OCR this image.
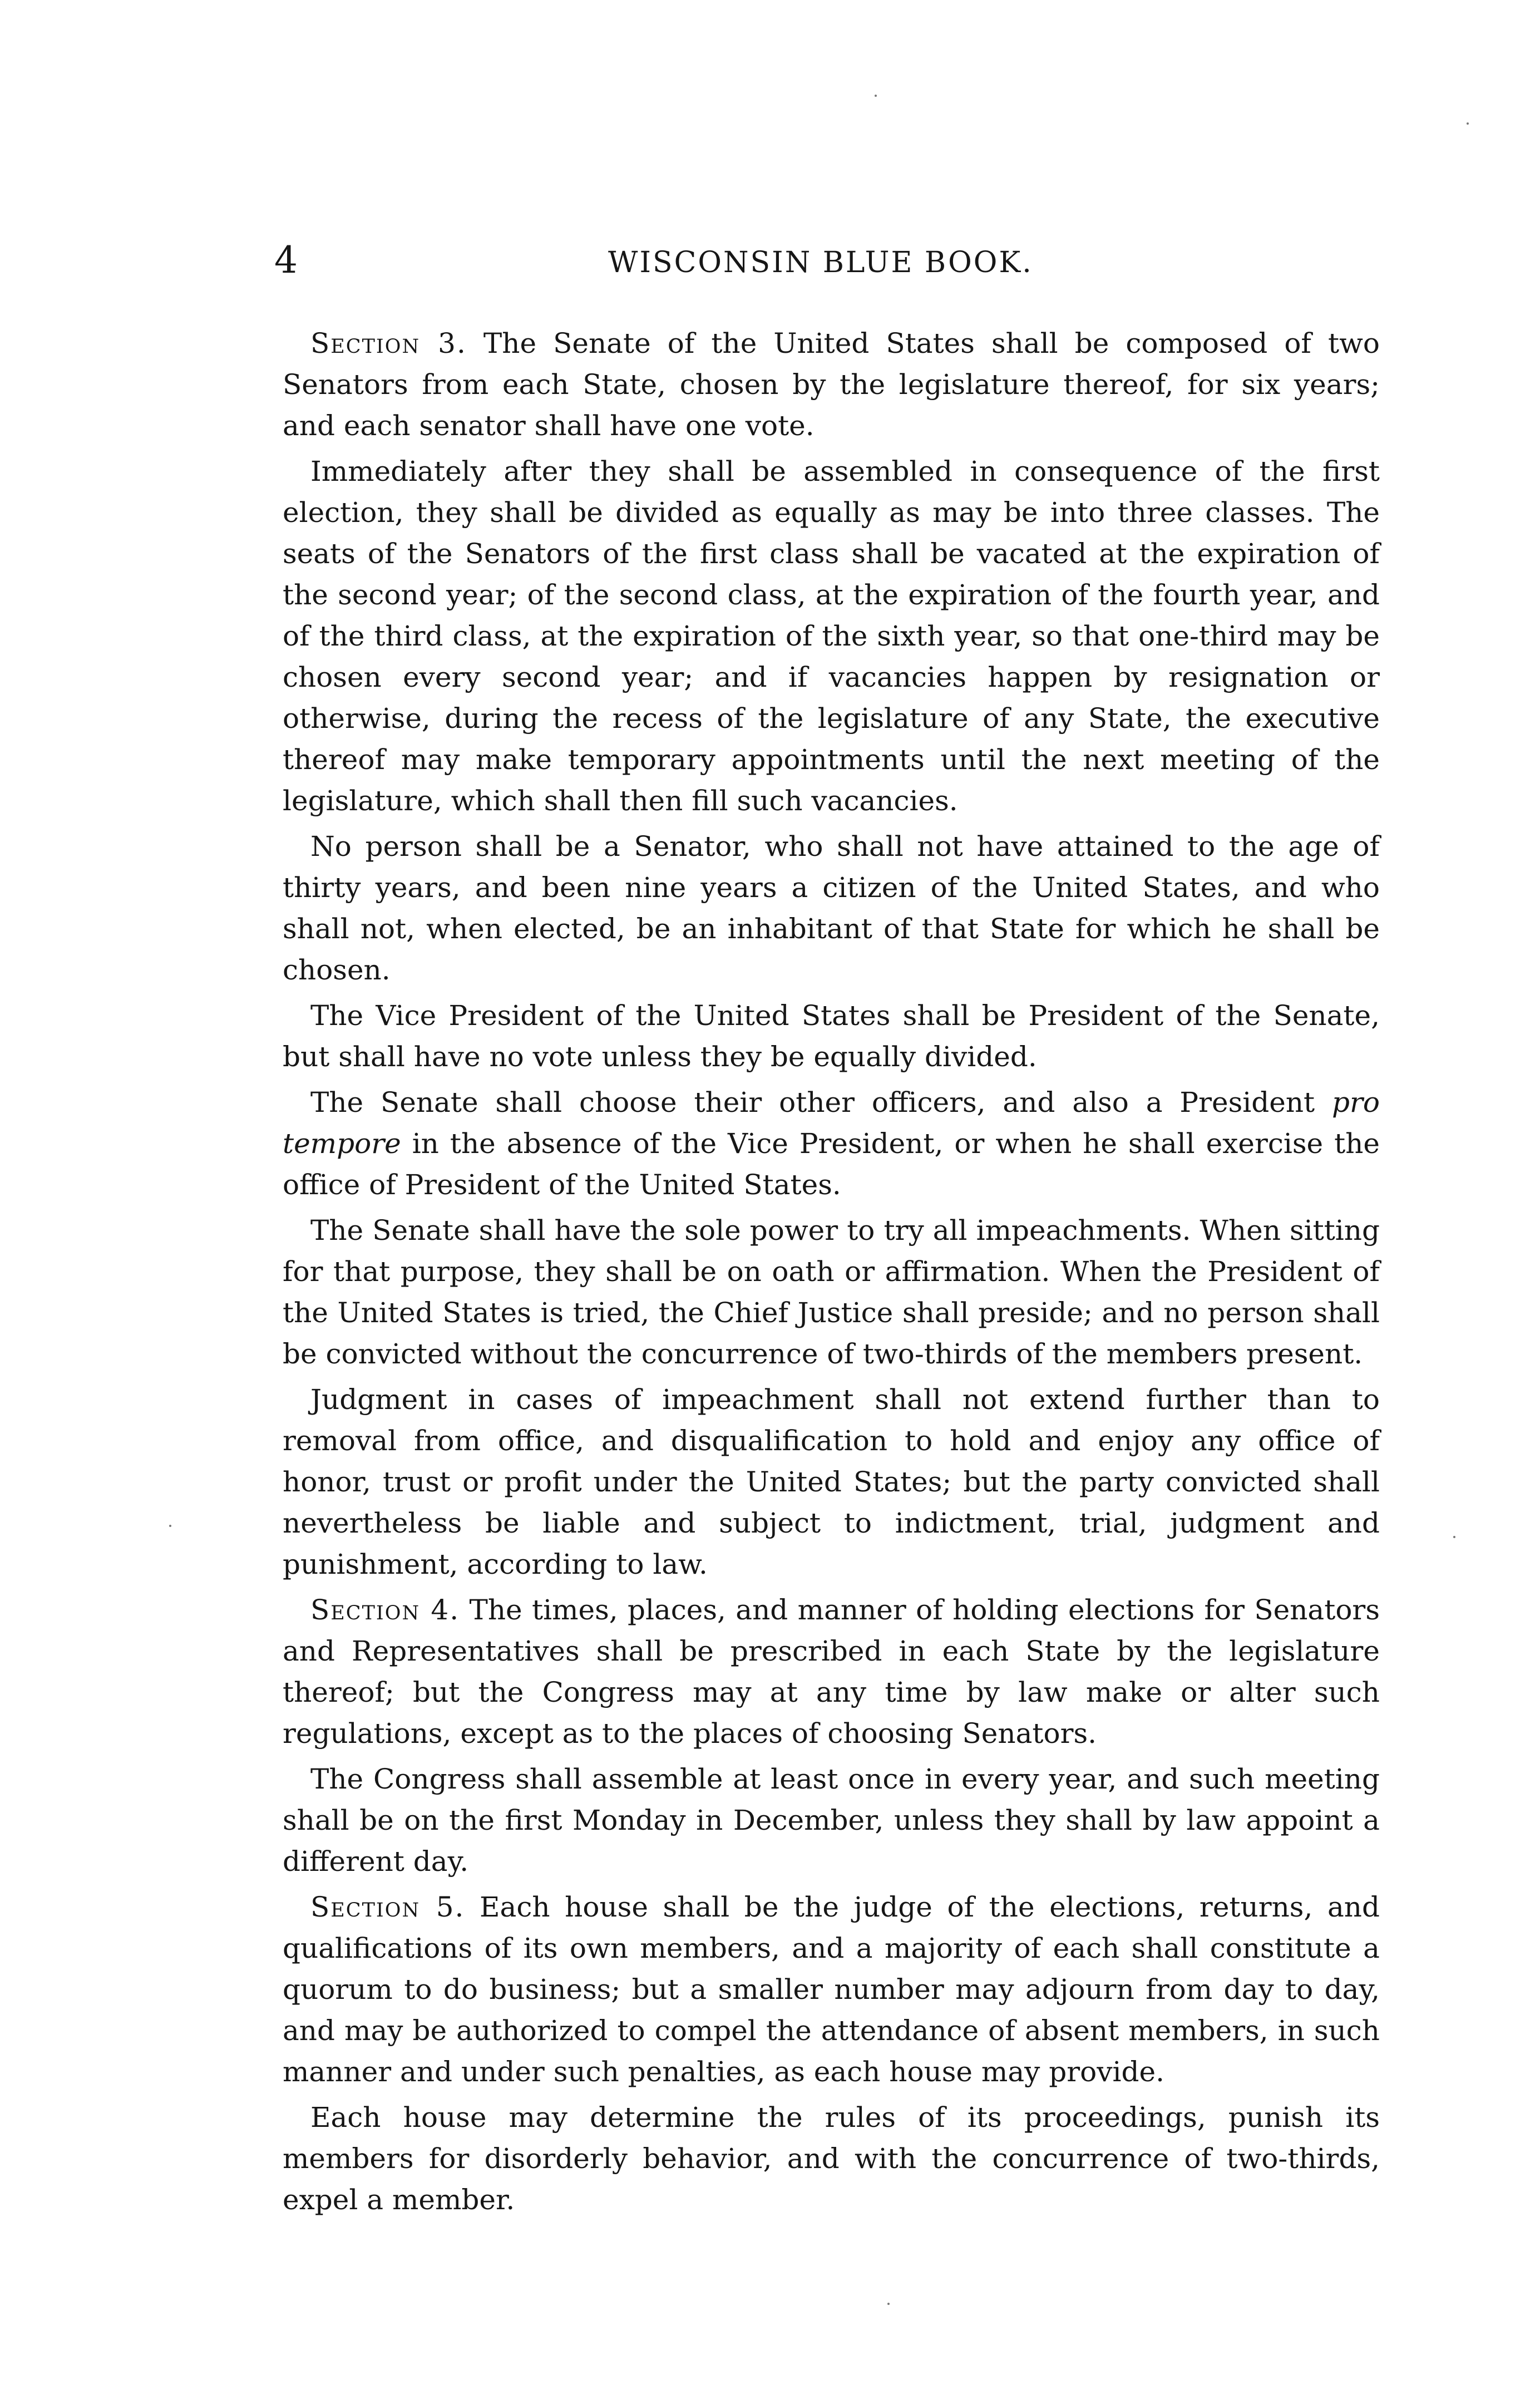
4	WISCONSIN BLUE BOOK.

Section 3. The Senate of the United States shall be composed of two Senators from each State, chosen by the legislature thereof, for six years; and each senator shall have one vote.

Immediately after they shall be assembled in consequence of the first election, they shall be divided as equally as may be into three classes. The seats of the Senators of the first class shall be vacated at the expiration of the second year; of the second class, at the expiration of the fourth year, and of the third class, at the expiration of the sixth year, so that one-third may be chosen every second year; and if vacancies happen by resignation or otherwise, during the recess of the legislature of any State, the executive thereof may make temporary appointments until the next meeting of the legislature, which shall then fill such vacancies.

No person shall be a Senator, who shall not have attained to the age of thirty years, and been nine years a citizen of the United States, and who shall not, when elected, be an inhabitant of that State for which he shall be chosen.

The Vice President of the United States shall be President of the Senate, but shall have no vote unless they be equally divided.

The Senate shall choose their other officers, and also a President pro tempore in the absence of the Vice President, or when he shall exercise the office of President of the United States.

The Senate shall have the sole power to try all impeachments. When sitting for that purpose, they shall be on oath or affirmation. When the President of the United States is tried, the Chief Justice shall preside; and no person shall be convicted without the concurrence of two-thirds of the members present.

Judgment in cases of impeachment shall not extend further than to removal from office, and disqualification to hold and enjoy any office of honor, trust or profit under the United States; but the party convicted shall nevertheless be liable and subject to indictment, trial, judgment and punishment, according to law.

Section 4. The times, places, and manner of holding elections for Senators and Representatives shall be prescribed in each State by the legislature thereof; but the Congress may at any time by law make or alter such regulations, except as to the places of choosing Senators.

The Congress shall assemble at least once in every year, and such meeting shall be on the first Monday in December, unless they shall by law appoint a different day.

Section 5. Each house shall be the judge of the elections, returns, and qualifications of its own members, and a majority of each shall constitute a quorum to do business; but a smaller number may adjourn from day to day, and may be authorized to compel the attendance of absent members, in such manner and under such penalties, as each house may provide.

Each house may determine the rules of its proceedings, punish its members for disorderly behavior, and with the concurrence of two-thirds, expel a member.
